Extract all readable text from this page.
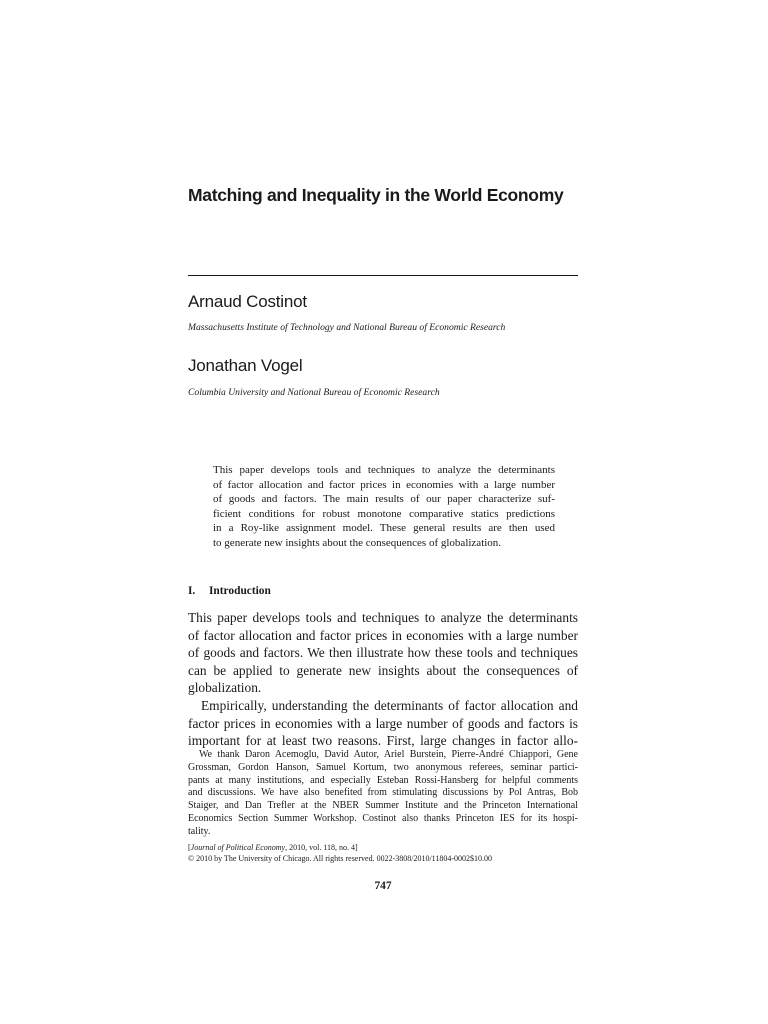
Matching and Inequality in the World Economy
Arnaud Costinot
Massachusetts Institute of Technology and National Bureau of Economic Research
Jonathan Vogel
Columbia University and National Bureau of Economic Research
This paper develops tools and techniques to analyze the determinants
of factor allocation and factor prices in economies with a large number
of goods and factors. The main results of our paper characterize suf-
ficient conditions for robust monotone comparative statics predictions
in a Roy-like assignment model. These general results are then used
to generate new insights about the consequences of globalization.
I. Introduction
This paper develops tools and techniques to analyze the determinants
of factor allocation and factor prices in economies with a large number
of goods and factors. We then illustrate how these tools and techniques
can be applied to generate new insights about the consequences of
globalization.
Empirically, understanding the determinants of factor allocation and
factor prices in economies with a large number of goods and factors is
important for at least two reasons. First, large changes in factor allo-
We thank Daron Acemoglu, David Autor, Ariel Burstein, Pierre-André Chiappori, Gene
Grossman, Gordon Hanson, Samuel Kortum, two anonymous referees, seminar partici-
pants at many institutions, and especially Esteban Rossi-Hansberg for helpful comments
and discussions. We have also benefited from stimulating discussions by Pol Antras, Bob
Staiger, and Dan Trefler at the NBER Summer Institute and the Princeton International
Economics Section Summer Workshop. Costinot also thanks Princeton IES for its hospi-
tality.
[Journal of Political Economy, 2010, vol. 118, no. 4]
© 2010 by The University of Chicago. All rights reserved. 0022-3808/2010/11804-0002$10.00
747
